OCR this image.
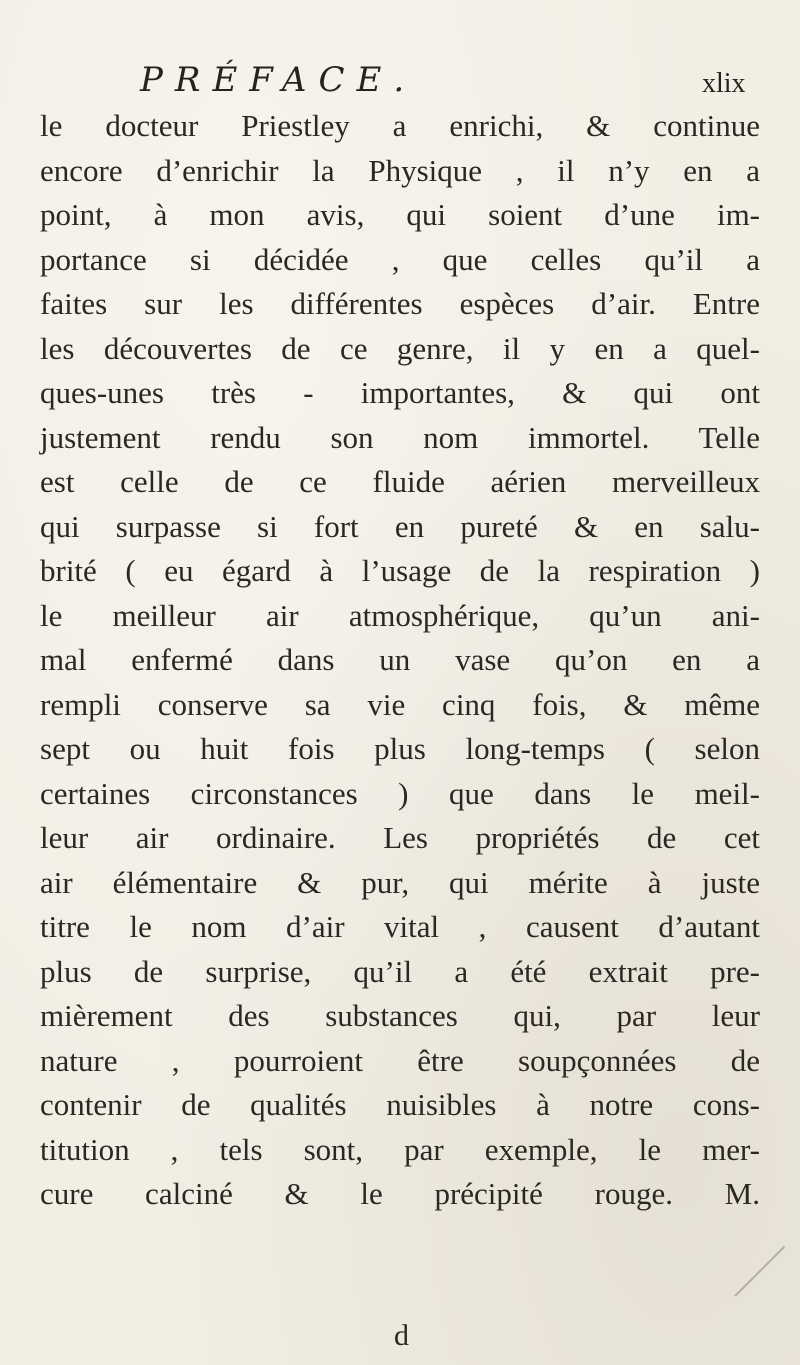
PRÉFACE.	xlix
le docteur Priestley a enrichi, & continue
encore d’enrichir la Physique , il n’y en a
point, à mon avis, qui soient d’une im-
portance si décidée , que celles qu’il a
faites sur les différentes espèces d’air. Entre
les découvertes de ce genre, il y en a quel-
ques-unes très - importantes, & qui ont
justement rendu son nom immortel. Telle
est celle de ce fluide aérien merveilleux
qui surpasse si fort en pureté & en salu-
brité ( eu égard à l’usage de la respiration )
le meilleur air atmosphérique, qu’un ani-
mal enfermé dans un vase qu’on en a
rempli conserve sa vie cinq fois, & même
sept ou huit fois plus long-temps ( selon
certaines circonstances ) que dans le meil-
leur air ordinaire. Les propriétés de cet
air élémentaire & pur, qui mérite à juste
titre le nom d’air vital , causent d’autant
plus de surprise, qu’il a été extrait pre-
mièrement des substances qui, par leur
nature , pourroient être soupçonnées de
contenir de qualités nuisibles à notre cons-
titution , tels sont, par exemple, le mer-
cure calciné & le précipité rouge. M.
d
